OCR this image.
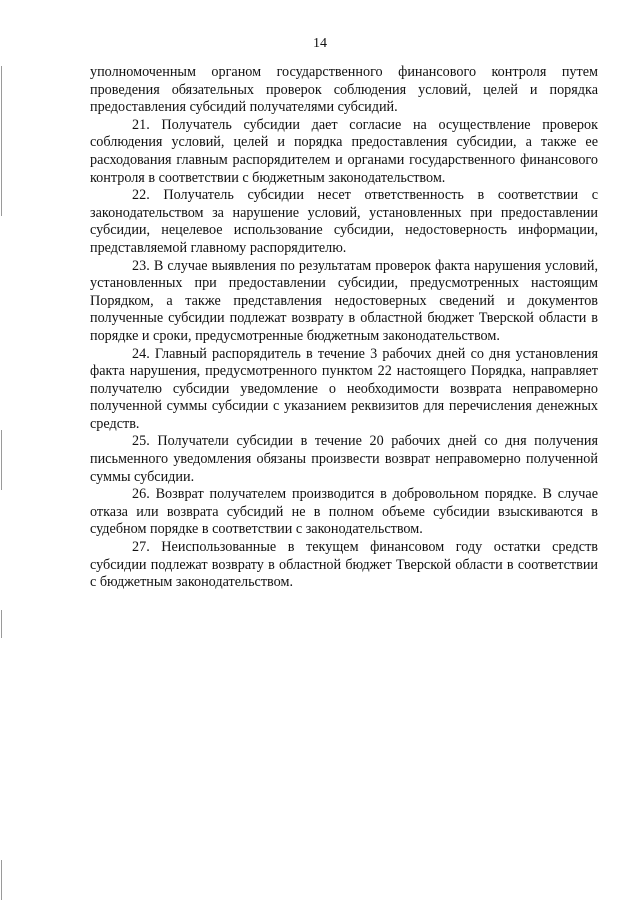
14

уполномоченным органом государственного финансового контроля путем проведения обязательных проверок соблюдения условий, целей и порядка предоставления субсидий получателями субсидий.

21. Получатель субсидии дает согласие на осуществление проверок соблюдения условий, целей и порядка предоставления субсидии, а также ее расходования главным распорядителем и органами государственного финансового контроля в соответствии с бюджетным законодательством.

22. Получатель субсидии несет ответственность в соответствии с законодательством за нарушение условий, установленных при предоставлении субсидии, нецелевое использование субсидии, недостоверность информации, представляемой главному распорядителю.

23. В случае выявления по результатам проверок факта нарушения условий, установленных при предоставлении субсидии, предусмотренных настоящим Порядком, а также представления недостоверных сведений и документов полученные субсидии подлежат возврату в областной бюджет Тверской области в порядке и сроки, предусмотренные бюджетным законодательством.

24. Главный распорядитель в течение 3 рабочих дней со дня установления факта нарушения, предусмотренного пунктом 22 настоящего Порядка, направляет получателю субсидии уведомление о необходимости возврата неправомерно полученной суммы субсидии с указанием реквизитов для перечисления денежных средств.

25. Получатели субсидии в течение 20 рабочих дней со дня получения письменного уведомления обязаны произвести возврат неправомерно полученной суммы субсидии.

26. Возврат получателем производится в добровольном порядке. В случае отказа или возврата субсидий не в полном объеме субсидии взыскиваются в судебном порядке в соответствии с законодательством.

27. Неиспользованные в текущем финансовом году остатки средств субсидии подлежат возврату в областной бюджет Тверской области в соответствии с бюджетным законодательством.
